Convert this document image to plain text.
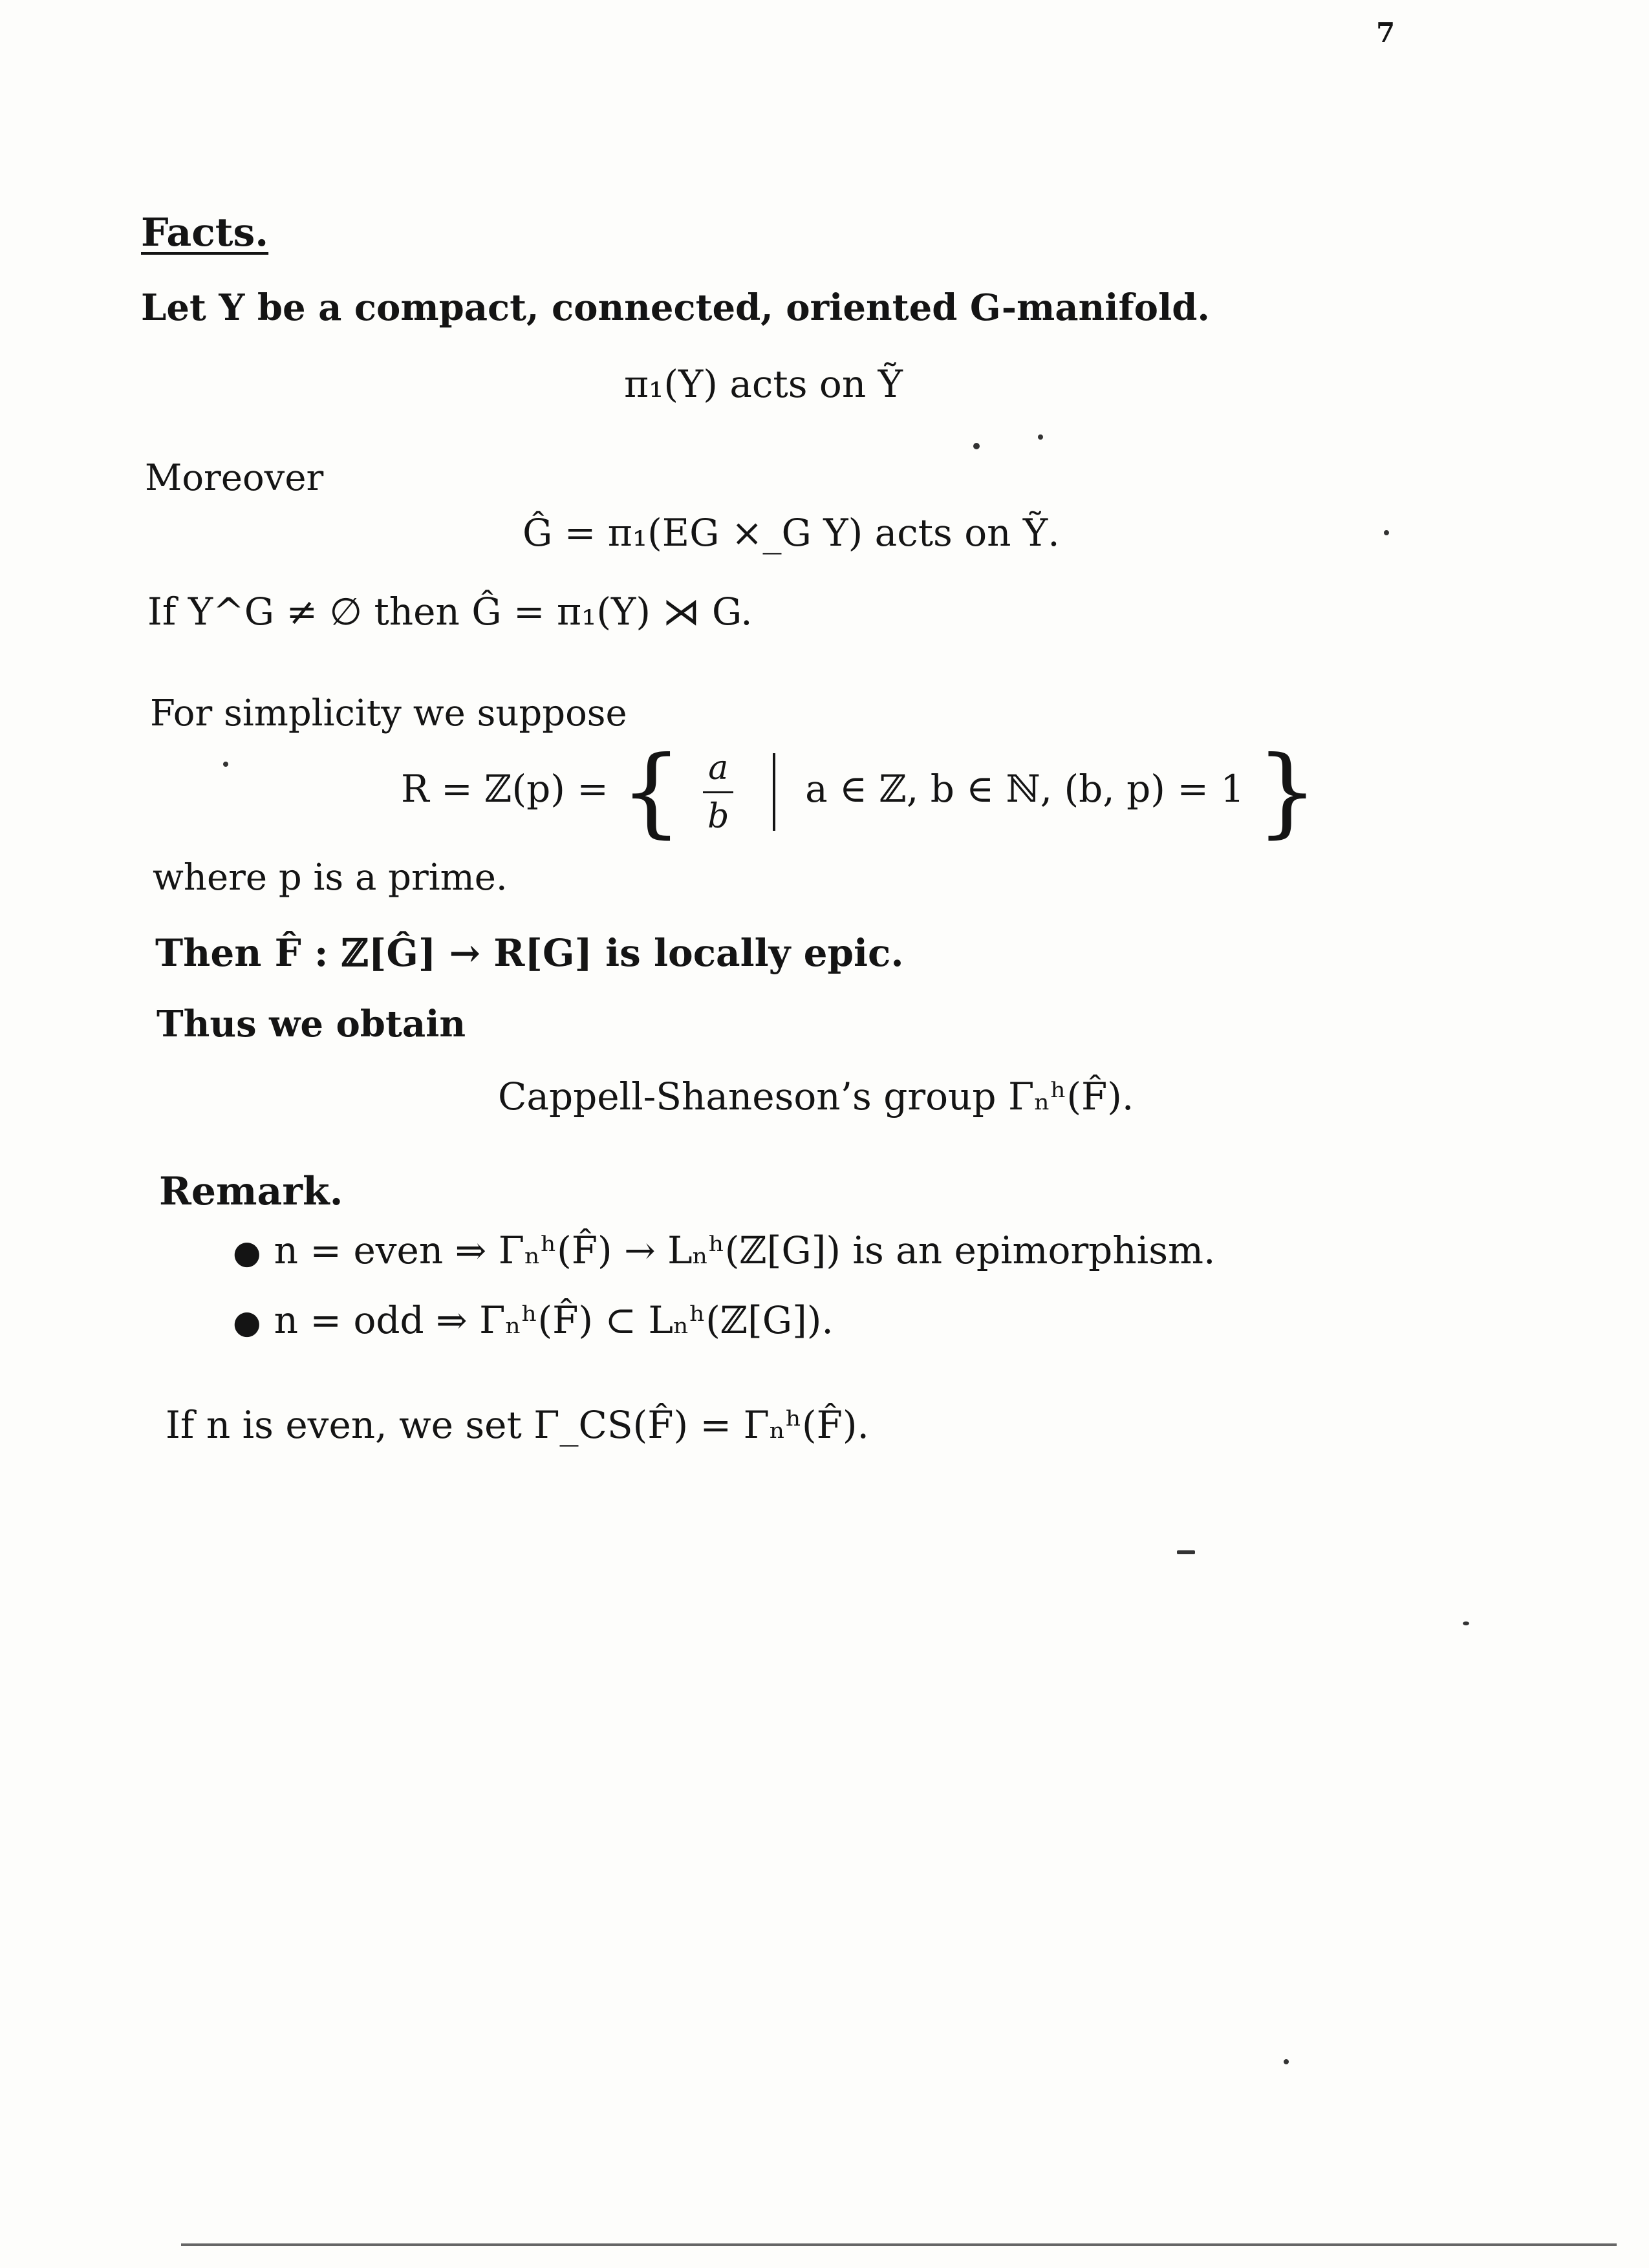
7
Facts.
Let Y be a compact, connected, oriented G-manifold.
π₁(Y) acts on Ỹ
Moreover
Ĝ = π₁(EG ×_G Y) acts on Ỹ.
If Y^G ≠ ∅ then Ĝ = π₁(Y) ⋊ G.
For simplicity we suppose
R = ℤ(p) = { $\frac{a}{b}$ a ∈ ℤ, b ∈ ℕ, (b, p) = 1 }
where p is a prime.
Then F̂ : ℤ[Ĝ] → R[G] is locally epic.
Thus we obtain
Cappell-Shaneson’s group Γₙʰ(F̂).
Remark.
● n = even ⇒ Γₙʰ(F̂) → Lₙʰ(ℤ[G]) is an epimorphism.
● n = odd ⇒ Γₙʰ(F̂) ⊂ Lₙʰ(ℤ[G]).
If n is even, we set Γ_CS(F̂) = Γₙʰ(F̂).
